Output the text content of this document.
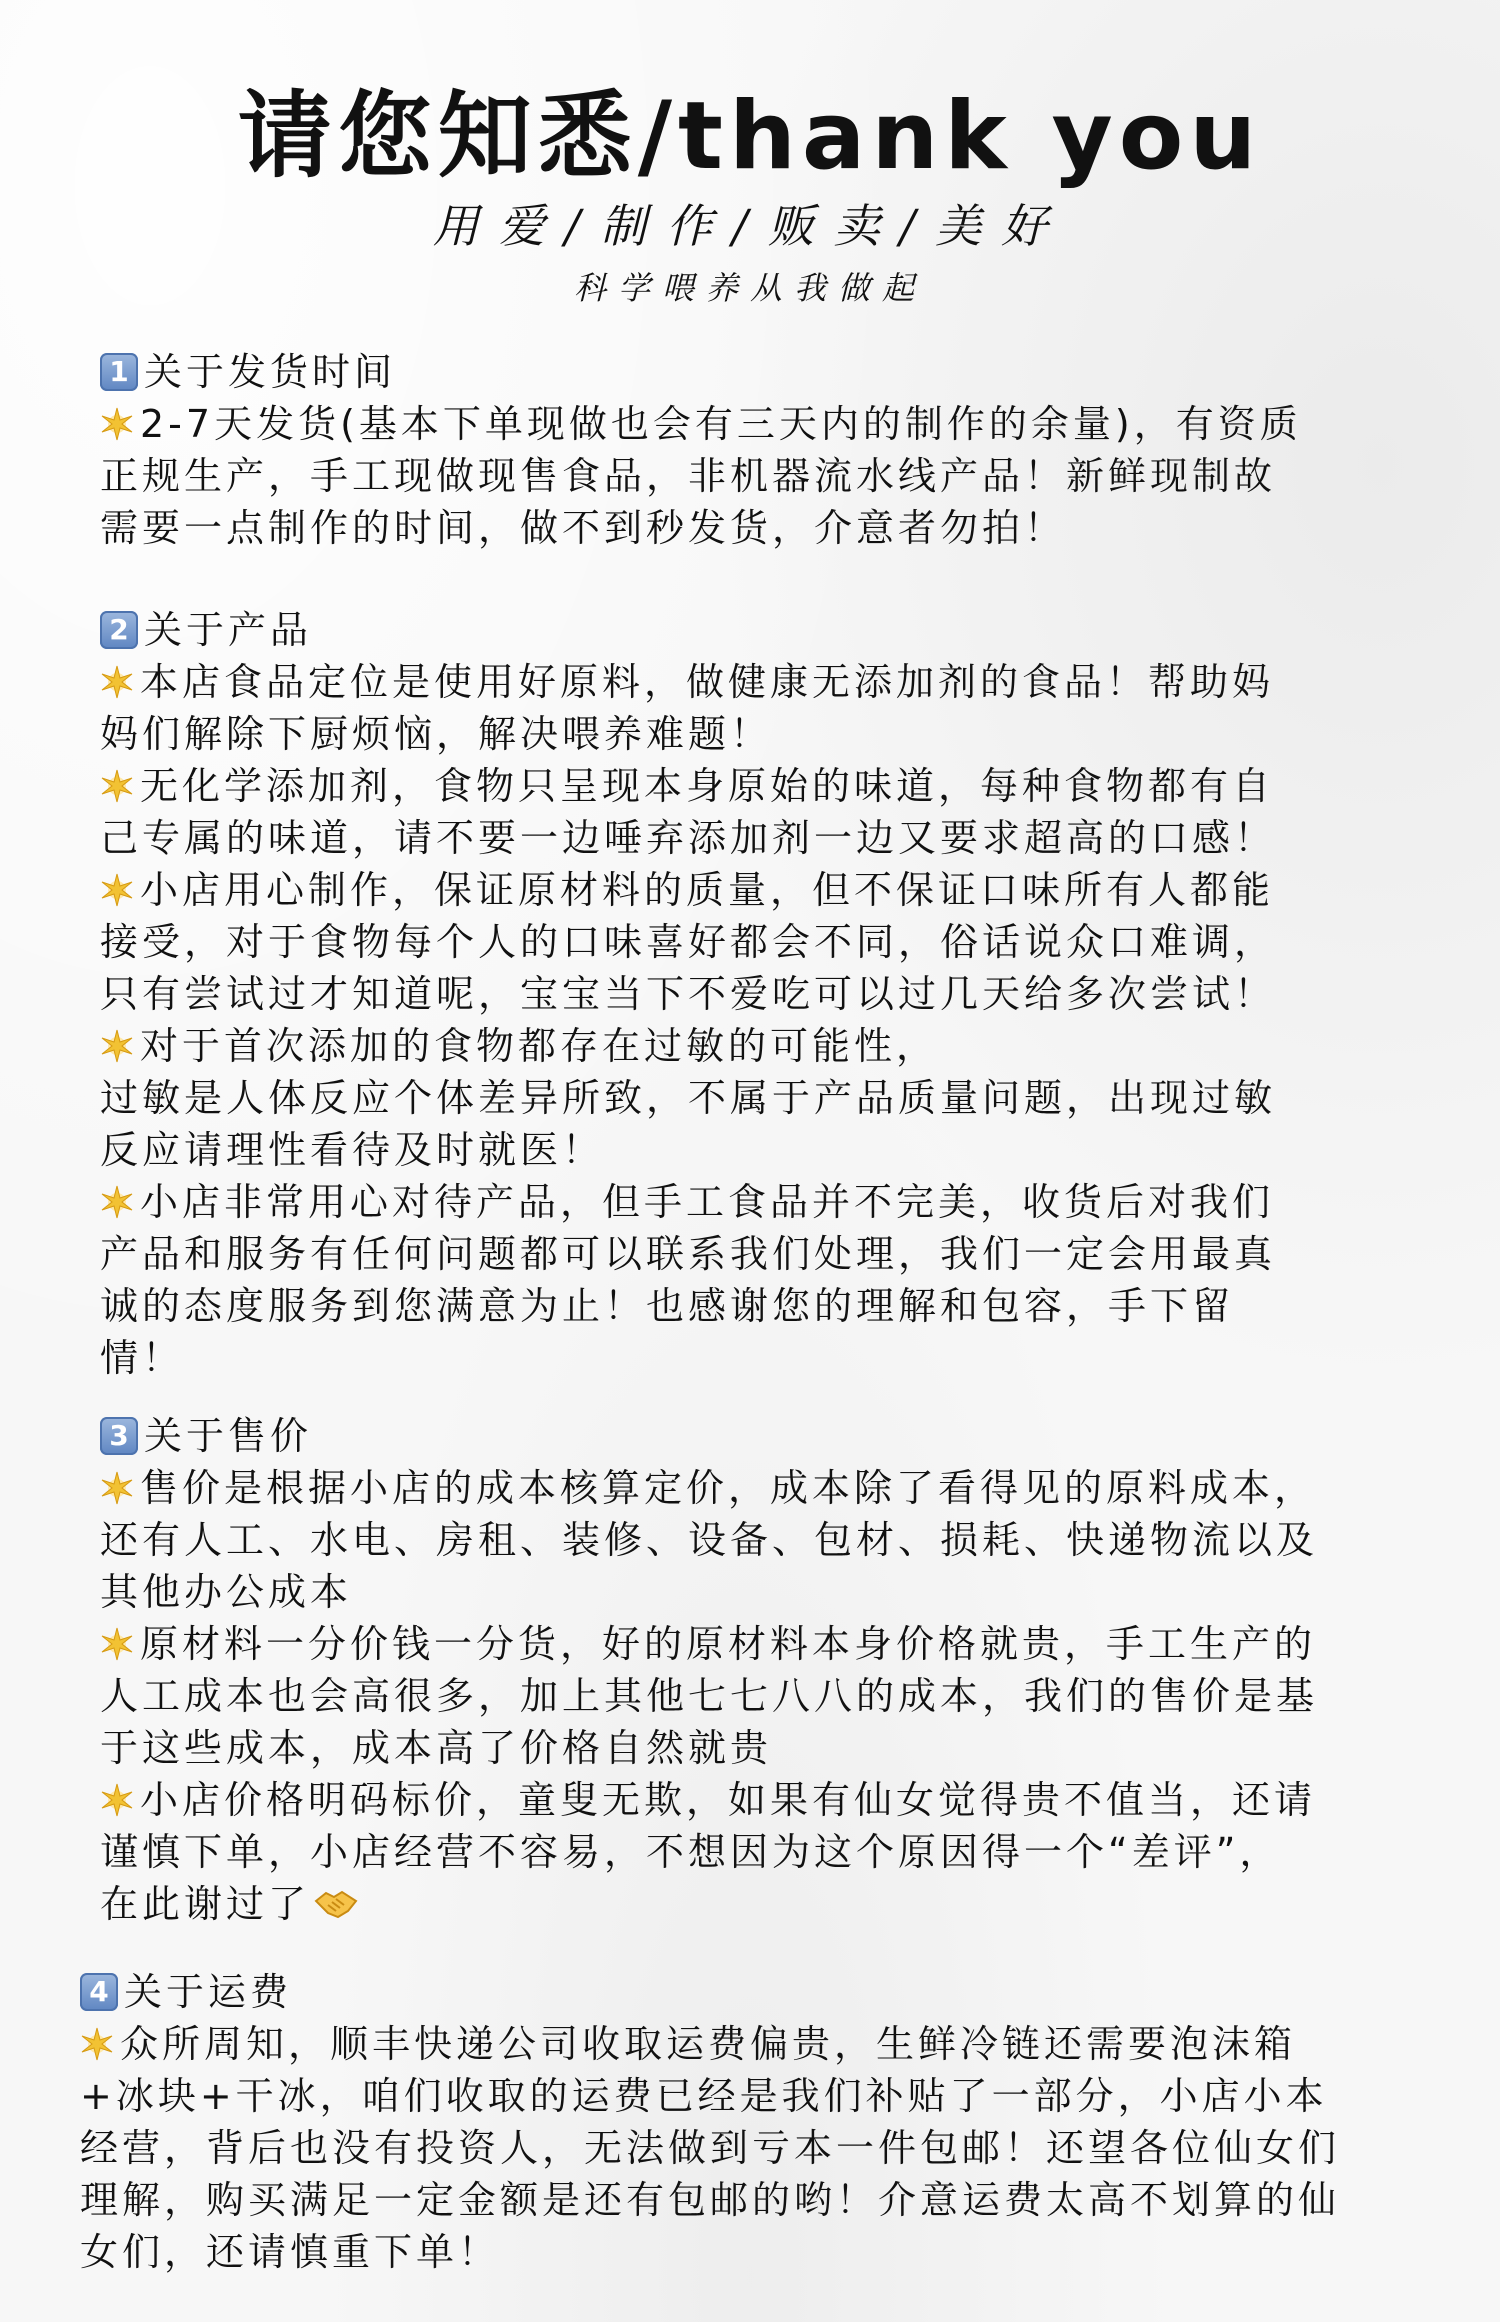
请您知悉/thank you
用爱/制作/贩卖/美好
科学喂养从我做起
1 关于发货时间
2-7天发货(基本下单现做也会有三天内的制作的余量)，有资质
正规生产，手工现做现售食品，非机器流水线产品！新鲜现制故
需要一点制作的时间，做不到秒发货，介意者勿拍！
2 关于产品
本店食品定位是使用好原料，做健康无添加剂的食品！帮助妈
妈们解除下厨烦恼，解决喂养难题！
无化学添加剂，食物只呈现本身原始的味道，每种食物都有自
己专属的味道，请不要一边唾弃添加剂一边又要求超高的口感！
小店用心制作，保证原材料的质量，但不保证口味所有人都能
接受，对于食物每个人的口味喜好都会不同，俗话说众口难调，
只有尝试过才知道呢，宝宝当下不爱吃可以过几天给多次尝试！
对于首次添加的食物都存在过敏的可能性，
过敏是人体反应个体差异所致，不属于产品质量问题，出现过敏
反应请理性看待及时就医！
小店非常用心对待产品，但手工食品并不完美，收货后对我们
产品和服务有任何问题都可以联系我们处理，我们一定会用最真
诚的态度服务到您满意为止！也感谢您的理解和包容，手下留
情！
3 关于售价
售价是根据小店的成本核算定价，成本除了看得见的原料成本，
还有人工、水电、房租、装修、设备、包材、损耗、快递物流以及
其他办公成本
原材料一分价钱一分货，好的原材料本身价格就贵，手工生产的
人工成本也会高很多，加上其他七七八八的成本，我们的售价是基
于这些成本，成本高了价格自然就贵
小店价格明码标价，童叟无欺，如果有仙女觉得贵不值当，还请
谨慎下单，小店经营不容易，不想因为这个原因得一个“差评”，
在此谢过了
4 关于运费
众所周知，顺丰快递公司收取运费偏贵，生鲜冷链还需要泡沫箱
+冰块+干冰，咱们收取的运费已经是我们补贴了一部分，小店小本
经营，背后也没有投资人，无法做到亏本一件包邮！还望各位仙女们
理解，购买满足一定金额是还有包邮的哟！介意运费太高不划算的仙
女们，还请慎重下单！
